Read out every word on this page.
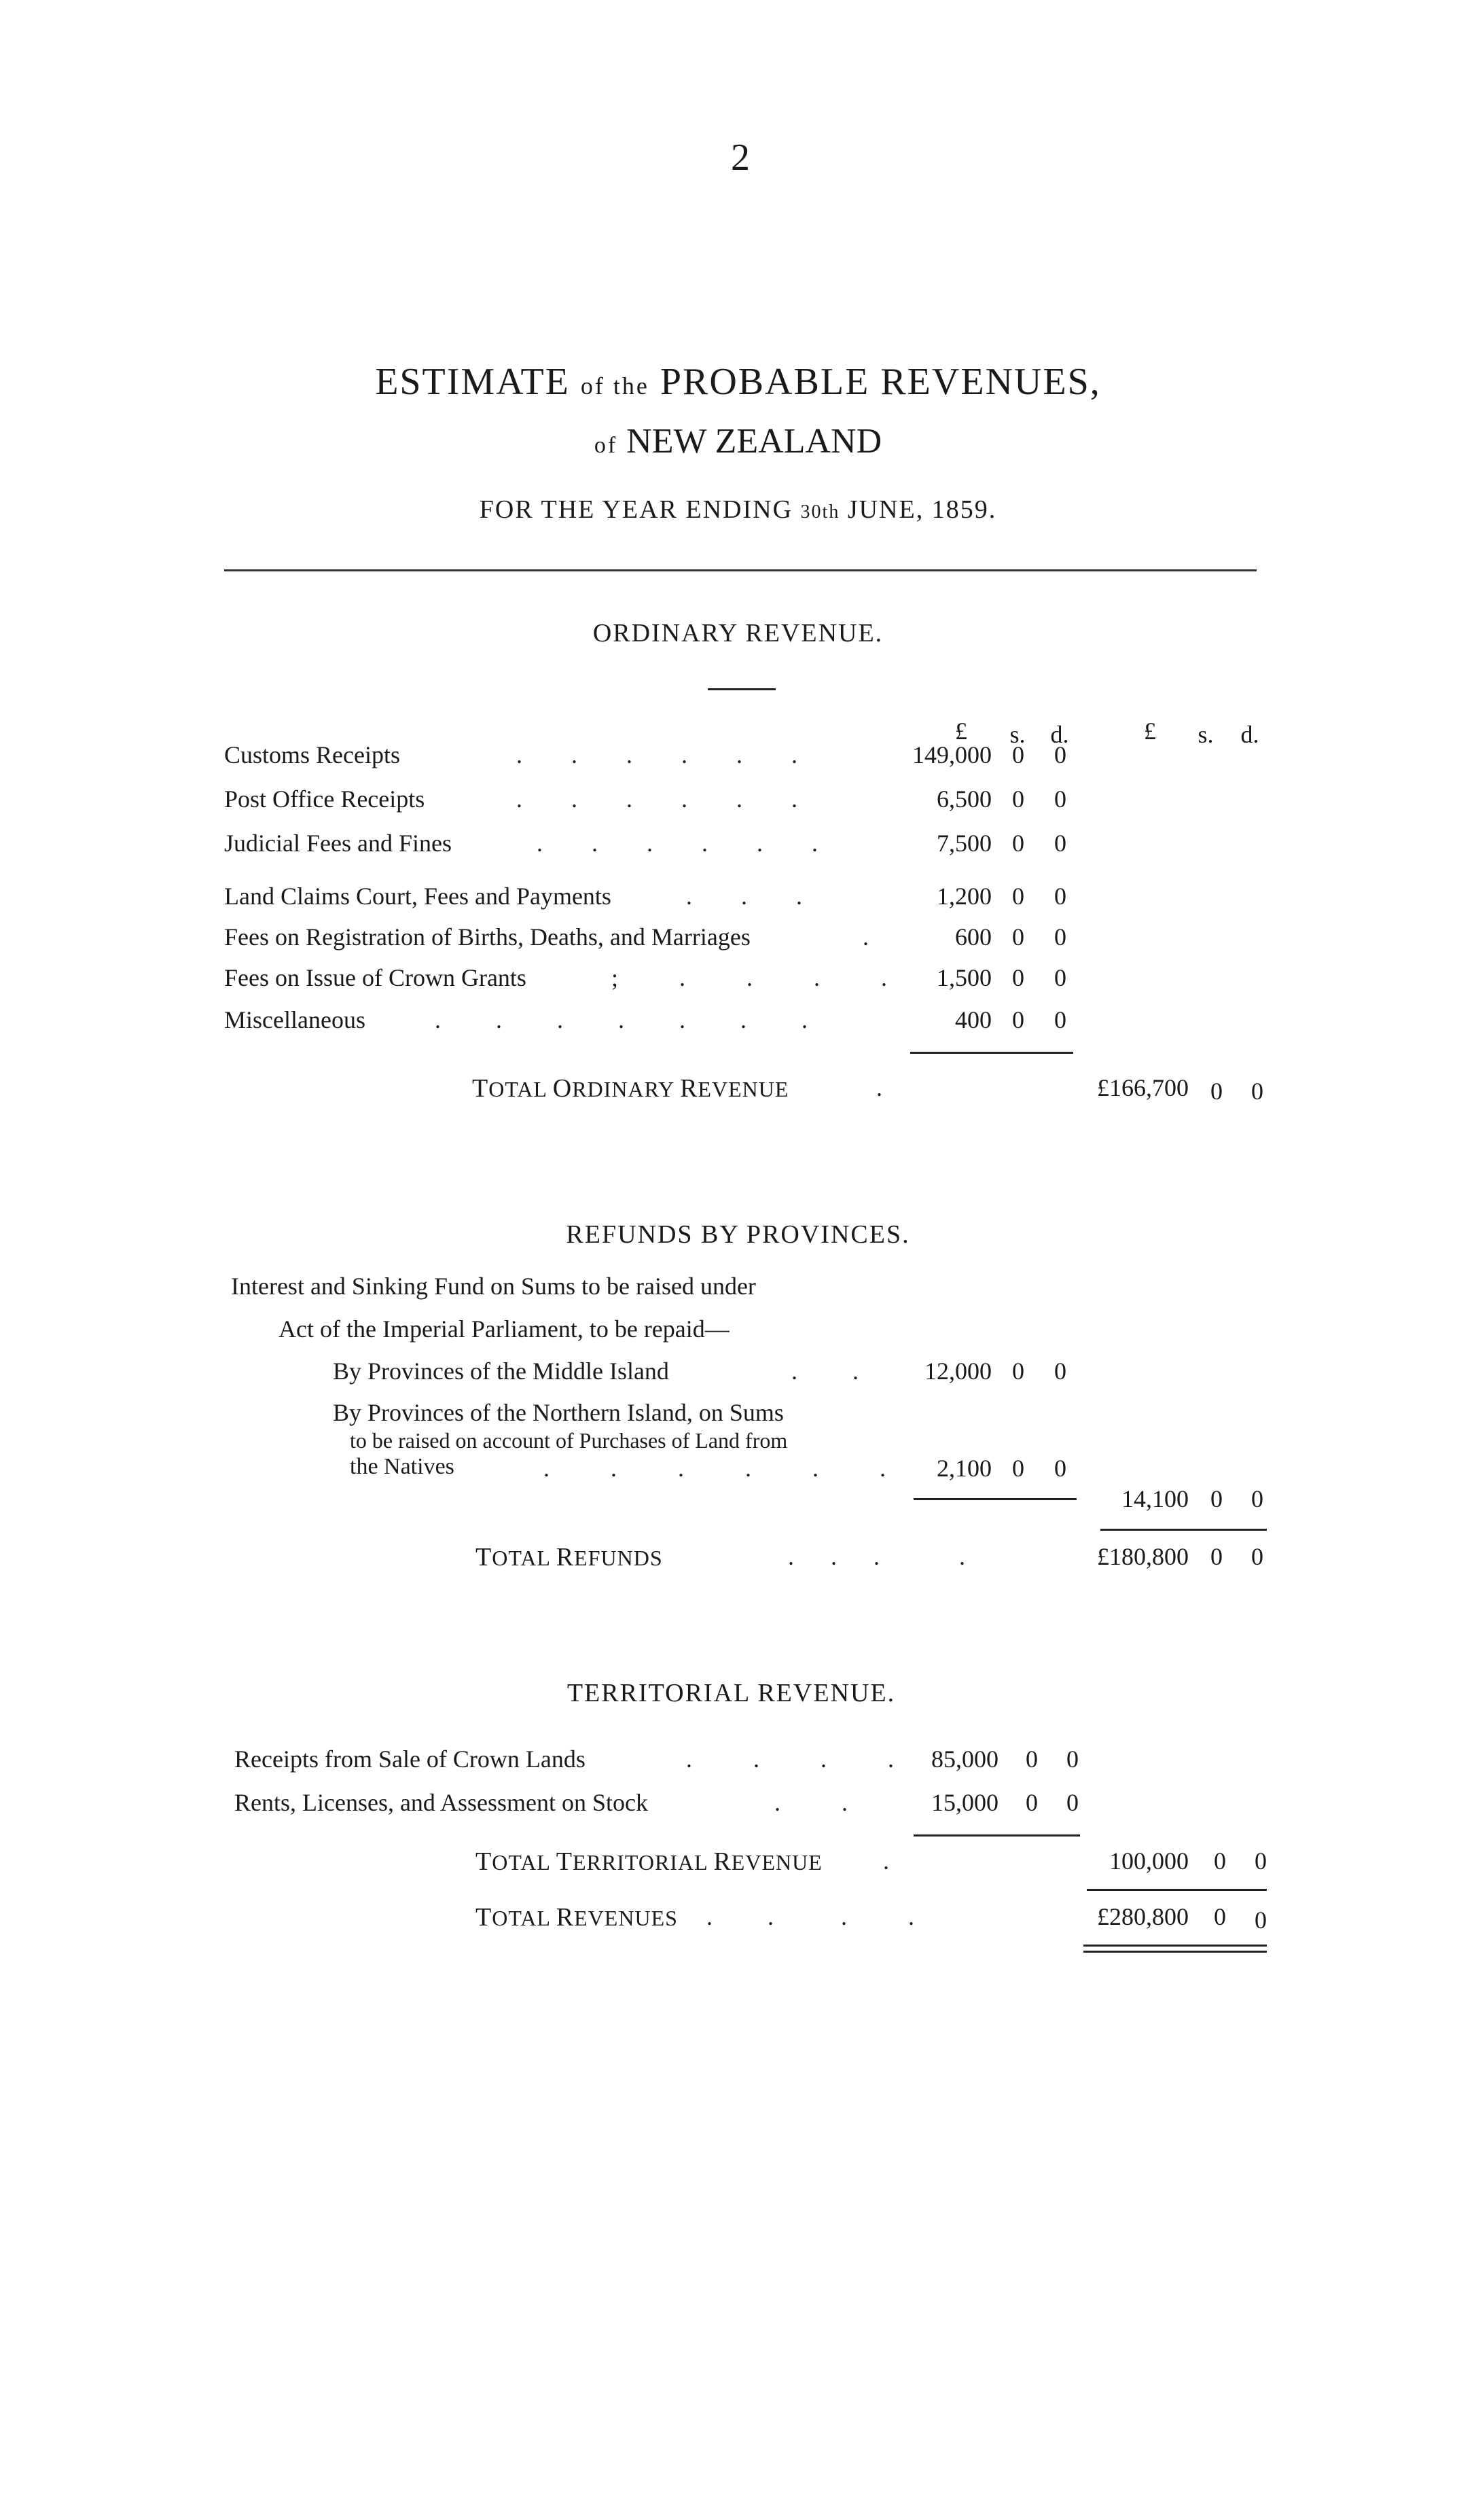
2
ESTIMATE of the PROBABLE REVENUES,
of NEW ZEALAND
FOR THE YEAR ENDING 30th JUNE, 1859.
ORDINARY REVENUE.
£	s.	d.	£	s.	d.
Customs Receipts	.        .        .        .        .        .	149,000 0	0
Post Office Receipts	.        .        .        .        .        .	6,500 0	0
Judicial Fees and Fines	.        .        .        .        .        .	7,500 0	0
Land Claims Court, Fees and Payments	.        .        .	1,200 0	0
Fees on Registration of Births, Deaths, and Marriages	.	600 0	0
Fees on Issue of Crown Grants	;          .          .          .          .	1,500 0	0
Miscellaneous	.         .         .         .         .         .         .	400 0	0
TOTAL ORDINARY REVENUE	.	£166,700 0	0
REFUNDS BY PROVINCES.
Interest and Sinking Fund on Sums to be raised under
Act of the Imperial Parliament, to be repaid—
By Provinces of the Middle Island	.         .	12,000 0	0
By Provinces of the Northern Island, on Sums
to be raised on account of Purchases of Land from
the Natives	.          .          .          .          .          .	2,100 0	0
14,100 0	0
TOTAL REFUNDS	.      .      .             .	£180,800 0	0
TERRITORIAL REVENUE.
Receipts from Sale of Crown Lands	.          .          .          .	85,000	0	0
Rents, Licenses, and Assessment on Stock	.          .	15,000	0	0
TOTAL TERRITORIAL REVENUE .	100,000	0	0
TOTAL REVENUES .         .           .          .	£280,800	0	0
